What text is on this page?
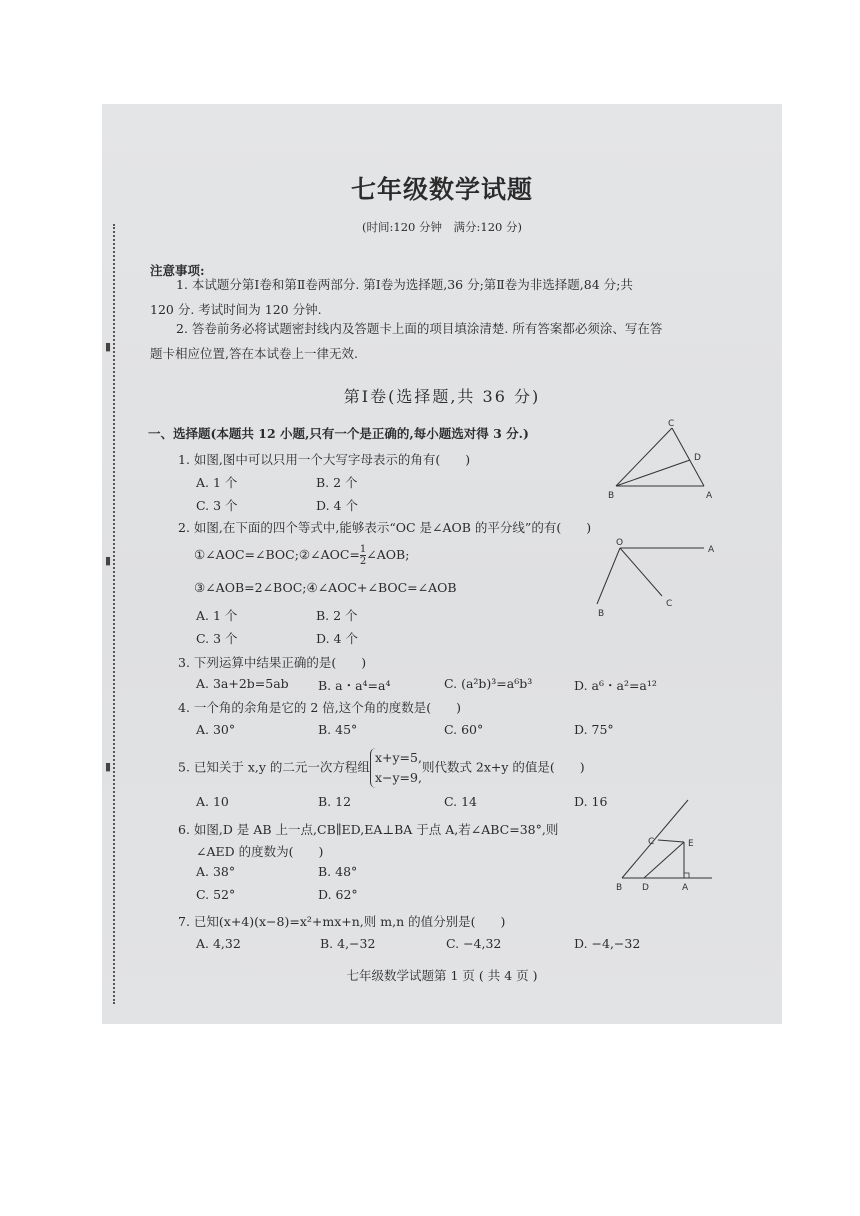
▮
▮
▮
七年级数学试题
(时间:120 分钟　满分:120 分)
注意事项:
1. 本试题分第Ⅰ卷和第Ⅱ卷两部分. 第Ⅰ卷为选择题,36 分;第Ⅱ卷为非选择题,84 分;共
120 分. 考试时间为 120 分钟.
2. 答卷前务必将试题密封线内及答题卡上面的项目填涂清楚. 所有答案都必须涂、写在答
题卡相应位置,答在本试卷上一律无效.
第Ⅰ卷(选择题,共 36 分)
一、选择题(本题共 12 小题,只有一个是正确的,每小题选对得 3 分.)
1. 如图,图中可以只用一个大写字母表示的角有(　　)
A. 1 个	B. 2 个
C. 3 个	D. 4 个
C
D
B	A
2. 如图,在下面的四个等式中,能够表示“OC 是∠AOB 的平分线”的有(　　)
①∠AOC=∠BOC;②∠AOC= $\frac{1}{2}$ ∠AOB;
③∠AOB=2∠BOC;④∠AOC+∠BOC=∠AOB
A. 1 个	B. 2 个
C. 3 个	D. 4 个
O
A
B
C
3. 下列运算中结果正确的是(　　)
A. 3a+2b=5ab B. a・a⁴=a⁴	C. (a²b)³=a⁶b³	D. a⁶・a²=a¹²
4. 一个角的余角是它的 2 倍,这个角的度数是(　　)
A. 30°	B. 45°	C. 60°	D. 75°
5. 已知关于 x,y 的二元一次方程组
x+y=5,
x−y=9,
则代数式 2x+y 的值是(　　)
A. 10	B. 12	C. 14	D. 16
6. 如图,D 是 AB 上一点,CB∥ED,EA⊥BA 于点 A,若∠ABC=38°,则
∠AED 的度数为(　　)
A. 38°	B. 48°
C. 52°	D. 62°
C	E
B D	A
7. 已知(x+4)(x−8)=x²+mx+n,则 m,n 的值分别是(　　)
A. 4,32	B. 4,−32	C. −4,32	D. −4,−32
七年级数学试题第 1 页 ( 共 4 页 )
